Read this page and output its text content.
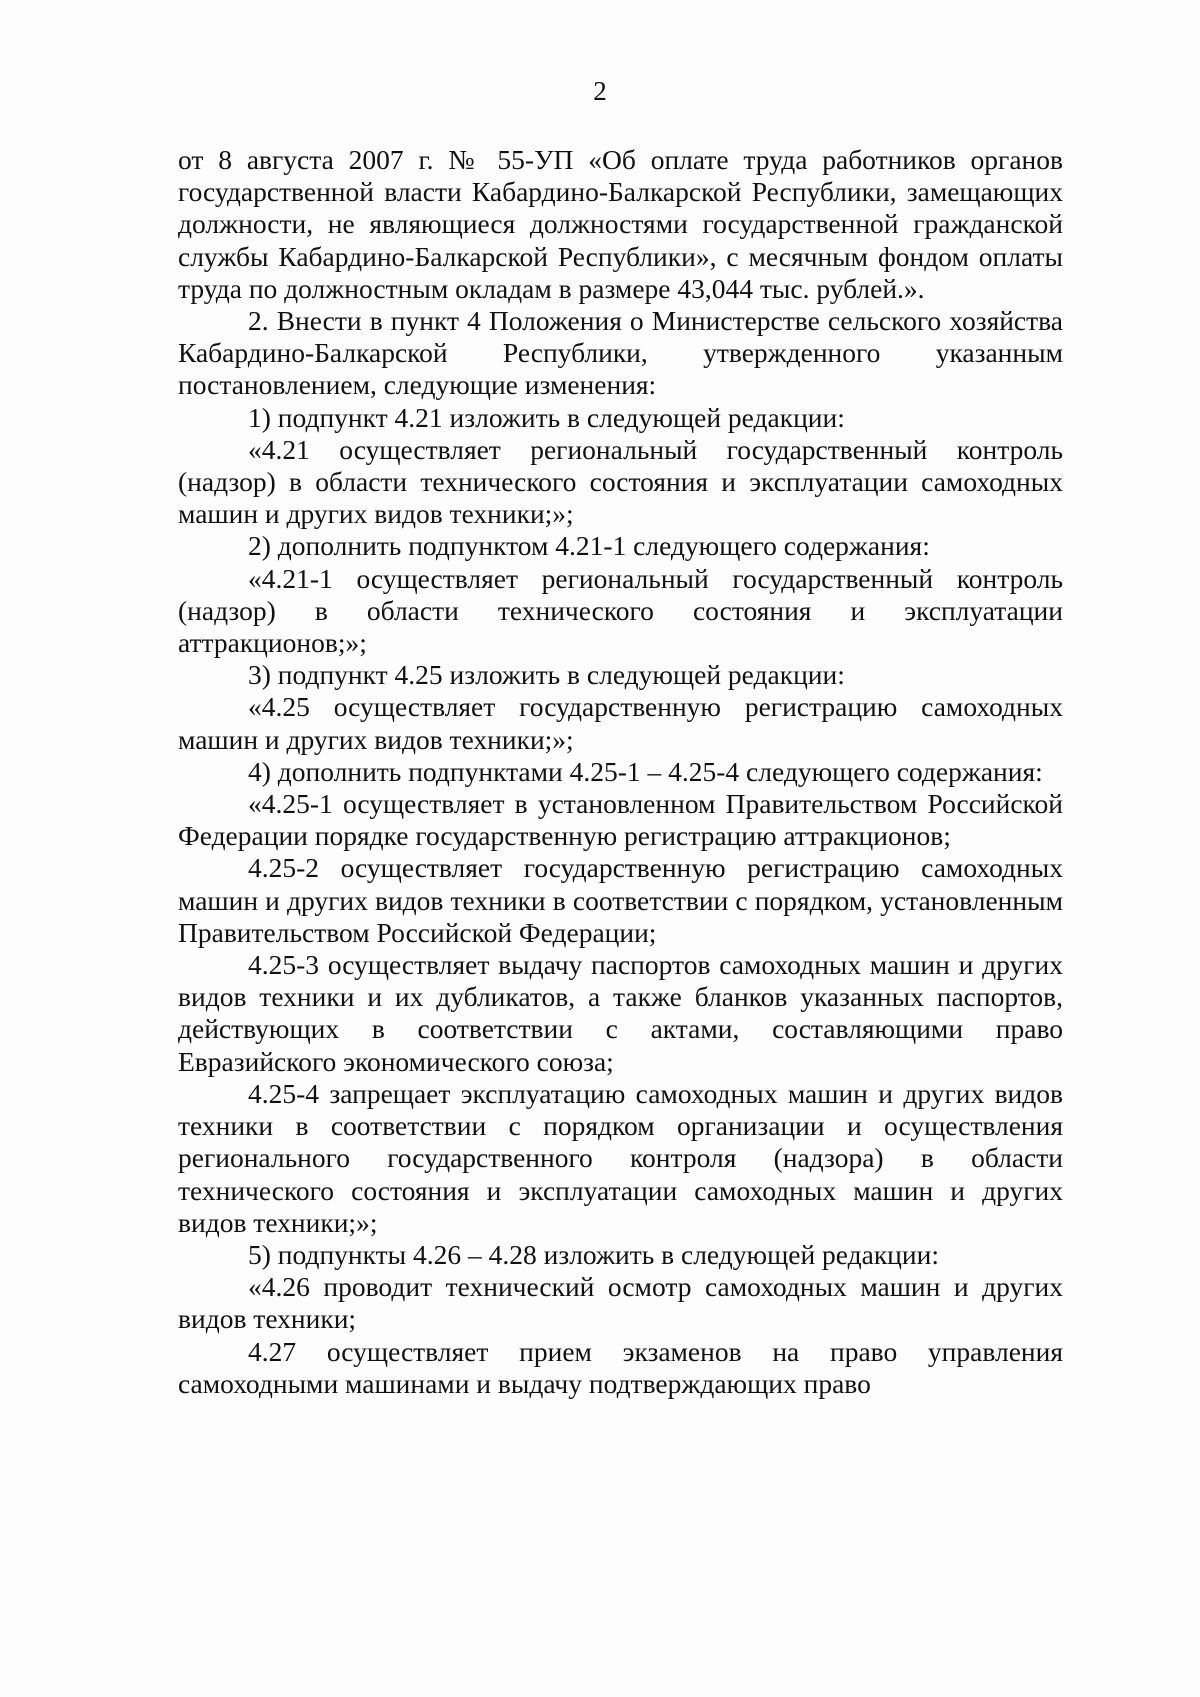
2

от 8 августа 2007 г. № 55-УП «Об оплате труда работников органов государственной власти Кабардино-Балкарской Республики, замещающих должности, не являющиеся должностями государственной гражданской службы Кабардино-Балкарской Республики», с месячным фондом оплаты труда по должностным окладам в размере 43,044 тыс. рублей.».

2. Внести в пункт 4 Положения о Министерстве сельского хозяйства Кабардино-Балкарской Республики, утвержденного указанным постановлением, следующие изменения:

1) подпункт 4.21 изложить в следующей редакции:

«4.21 осуществляет региональный государственный контроль (надзор) в области технического состояния и эксплуатации самоходных машин и других видов техники;»;

2) дополнить подпунктом 4.21-1 следующего содержания:

«4.21-1 осуществляет региональный государственный контроль (надзор) в области технического состояния и эксплуатации аттракционов;»;

3) подпункт 4.25 изложить в следующей редакции:

«4.25 осуществляет государственную регистрацию самоходных машин и других видов техники;»;

4) дополнить подпунктами 4.25-1 – 4.25-4 следующего содержания:

«4.25-1 осуществляет в установленном Правительством Российской Федерации порядке государственную регистрацию аттракционов;

4.25-2 осуществляет государственную регистрацию самоходных машин и других видов техники в соответствии с порядком, установленным Правительством Российской Федерации;

4.25-3 осуществляет выдачу паспортов самоходных машин и других видов техники и их дубликатов, а также бланков указанных паспортов, действующих в соответствии с актами, составляющими право Евразийского экономического союза;

4.25-4 запрещает эксплуатацию самоходных машин и других видов техники в соответствии с порядком организации и осуществления регионального государственного контроля (надзора) в области технического состояния и эксплуатации самоходных машин и других видов техники;»;

5) подпункты 4.26 – 4.28 изложить в следующей редакции:

«4.26 проводит технический осмотр самоходных машин и других видов техники;

4.27 осуществляет прием экзаменов на право управления самоходными машинами и выдачу подтверждающих право
